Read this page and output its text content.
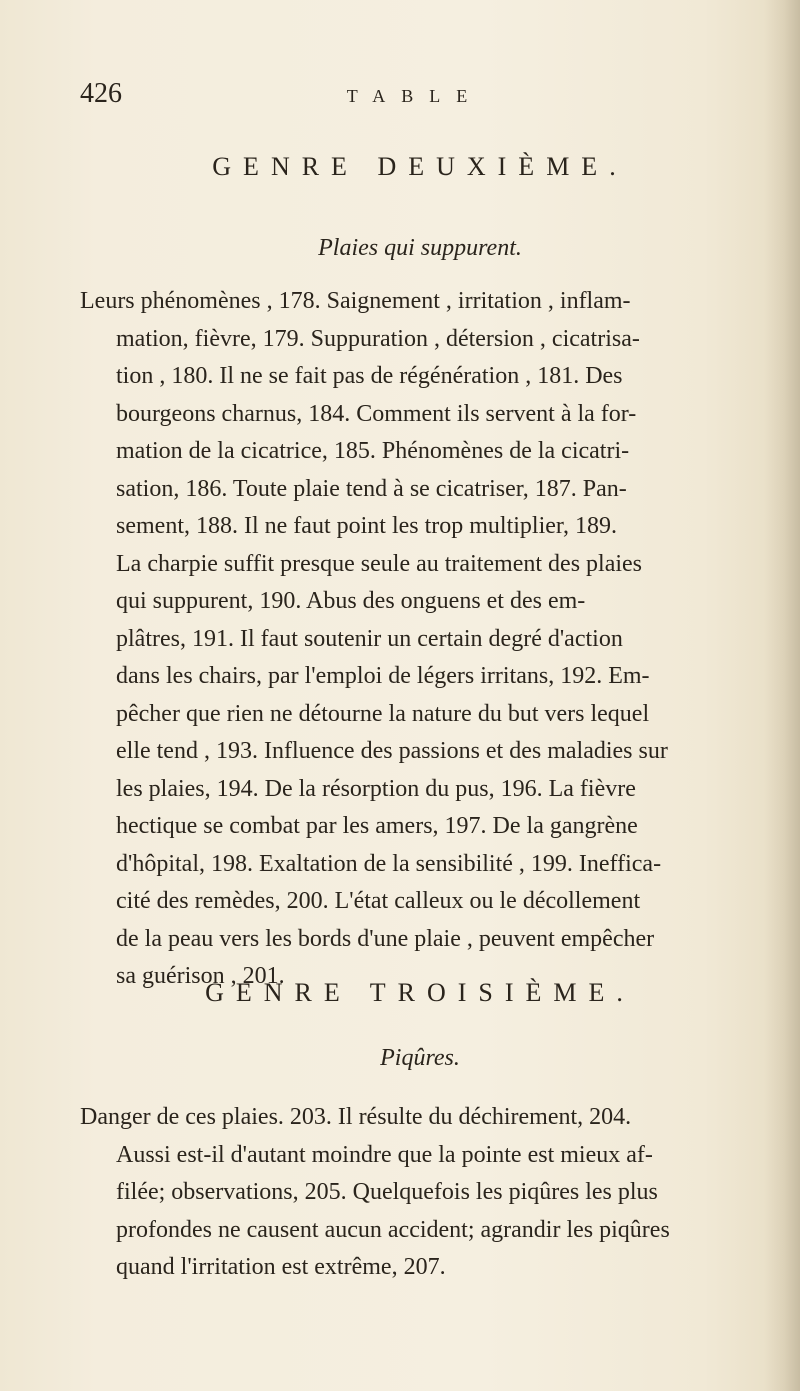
426	TABLE
GENRE DEUXIÈME.
Plaies qui suppurent.
Leurs phénomènes , 178. Saignement , irritation , inflam-
mation, fièvre, 179. Suppuration , détersion , cicatrisa-
tion , 180. Il ne se fait pas de régénération , 181. Des
bourgeons charnus, 184. Comment ils servent à la for-
mation de la cicatrice, 185. Phénomènes de la cicatri-
sation, 186. Toute plaie tend à se cicatriser, 187. Pan-
sement, 188. Il ne faut point les trop multiplier, 189.
La charpie suffit presque seule au traitement des plaies
qui suppurent, 190. Abus des onguens et des em-
plâtres, 191. Il faut soutenir un certain degré d'action
dans les chairs, par l'emploi de légers irritans, 192. Em-
pêcher que rien ne détourne la nature du but vers lequel
elle tend , 193. Influence des passions et des maladies sur
les plaies, 194. De la résorption du pus, 196. La fièvre
hectique se combat par les amers, 197. De la gangrène
d'hôpital, 198. Exaltation de la sensibilité , 199. Ineffica-
cité des remèdes, 200. L'état calleux ou le décollement
de la peau vers les bords d'une plaie , peuvent empêcher
sa guérison , 201.
GENRE TROISIÈME.
Piqûres.
Danger de ces plaies. 203. Il résulte du déchirement, 204.
Aussi est-il d'autant moindre que la pointe est mieux af-
filée; observations, 205. Quelquefois les piqûres les plus
profondes ne causent aucun accident; agrandir les piqûres
quand l'irritation est extrême, 207.
